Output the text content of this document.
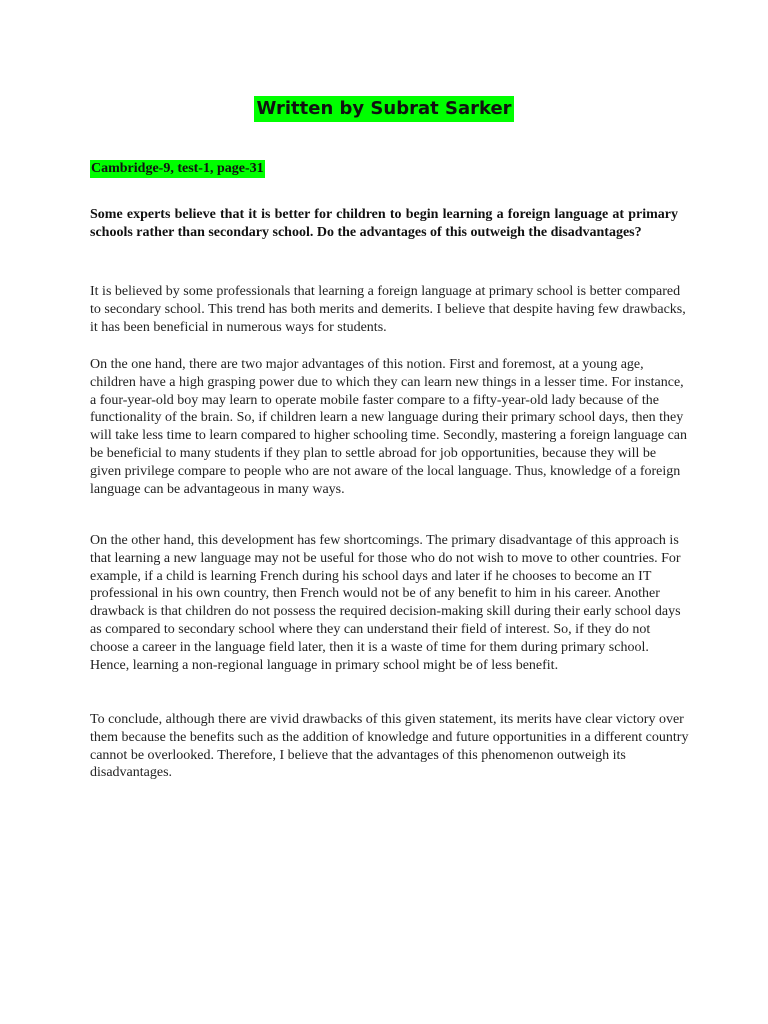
Written by Subrat Sarker
Cambridge-9, test-1, page-31

Some experts believe that it is better for children to begin learning a foreign language at primary schools rather than secondary school. Do the advantages of this outweigh the disadvantages?

It is believed by some professionals that learning a foreign language at primary school is better compared to secondary school. This trend has both merits and demerits. I believe that despite having few drawbacks, it has been beneficial in numerous ways for students.

On the one hand, there are two major advantages of this notion. First and foremost, at a young age, children have a high grasping power due to which they can learn new things in a lesser time. For instance, a four-year-old boy may learn to operate mobile faster compare to a fifty-year-old lady because of the functionality of the brain. So, if children learn a new language during their primary school days, then they will take less time to learn compared to higher schooling time. Secondly, mastering a foreign language can be beneficial to many students if they plan to settle abroad for job opportunities, because they will be given privilege compare to people who are not aware of the local language. Thus, knowledge of a foreign language can be advantageous in many ways.

On the other hand, this development has few shortcomings. The primary disadvantage of this approach is that learning a new language may not be useful for those who do not wish to move to other countries. For example, if a child is learning French during his school days and later if he chooses to become an IT professional in his own country, then French would not be of any benefit to him in his career. Another drawback is that children do not possess the required decision-making skill during their early school days as compared to secondary school where they can understand their field of interest. So, if they do not choose a career in the language field later, then it is a waste of time for them during primary school. Hence, learning a non-regional language in primary school might be of less benefit.

To conclude, although there are vivid drawbacks of this given statement, its merits have clear victory over them because the benefits such as the addition of knowledge and future opportunities in a different country cannot be overlooked. Therefore, I believe that the advantages of this phenomenon outweigh its disadvantages.
